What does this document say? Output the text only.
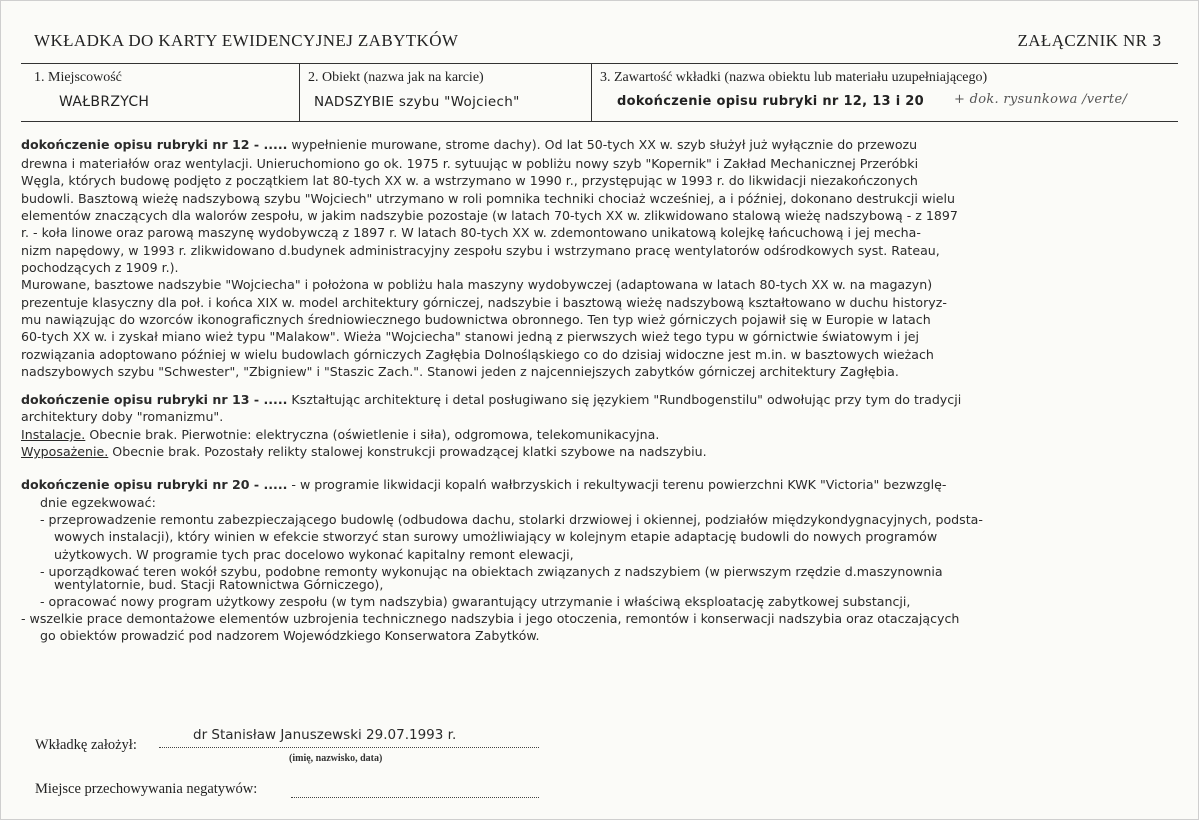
WKŁADKA DO KARTY EWIDENCYJNEJ ZABYTKÓW	ZAŁĄCZNIK NR 3
1. Miejscowość
WAŁBRZYCH
2. Obiekt (nazwa jak na karcie)
NADSZYBIE szybu "Wojciech"
3. Zawartość wkładki (nazwa obiektu lub materiału uzupełniającego)
dokończenie opisu rubryki nr 12, 13 i 20 + dok. rysunkowa /verte/
dokończenie opisu rubryki nr 12 - ..... wypełnienie murowane, strome dachy). Od lat 50-tych XX w. szyb służył już wyłącznie do przewozu
drewna i materiałów oraz wentylacji. Unieruchomiono go ok. 1975 r. sytuując w pobliżu nowy szyb "Kopernik" i Zakład Mechanicznej Przeróbki
Węgla, których budowę podjęto z początkiem lat 80-tych XX w. a wstrzymano w 1990 r., przystępując w 1993 r. do likwidacji niezakończonych
budowli. Basztową wieżę nadszybową szybu "Wojciech" utrzymano w roli pomnika techniki chociaż wcześniej, a i później, dokonano destrukcji wielu
elementów znaczących dla walorów zespołu, w jakim nadszybie pozostaje (w latach 70-tych XX w. zlikwidowano stalową wieżę nadszybową - z 1897
r. - koła linowe oraz parową maszynę wydobywczą z 1897 r. W latach 80-tych XX w. zdemontowano unikatową kolejkę łańcuchową i jej mecha-
nizm napędowy, w 1993 r. zlikwidowano d.budynek administracyjny zespołu szybu i wstrzymano pracę wentylatorów odśrodkowych syst. Rateau,
pochodzących z 1909 r.).
Murowane, basztowe nadszybie "Wojciecha" i położona w pobliżu hala maszyny wydobywczej (adaptowana w latach 80-tych XX w. na magazyn)
prezentuje klasyczny dla poł. i końca XIX w. model architektury górniczej, nadszybie i basztową wieżę nadszybową kształtowano w duchu historyz-
mu nawiązując do wzorców ikonograficznych średniowiecznego budownictwa obronnego. Ten typ wież górniczych pojawił się w Europie w latach
60-tych XX w. i zyskał miano wież typu "Malakow". Wieża "Wojciecha" stanowi jedną z pierwszych wież tego typu w górnictwie światowym i jej
rozwiązania adoptowano później w wielu budowlach górniczych Zagłębia Dolnośląskiego co do dzisiaj widoczne jest m.in. w basztowych wieżach
nadszybowych szybu "Schwester", "Zbigniew" i "Staszic Zach.". Stanowi jeden z najcenniejszych zabytków górniczej architektury Zagłębia.
dokończenie opisu rubryki nr 13 - ..... Kształtując architekturę i detal posługiwano się językiem "Rundbogenstilu" odwołując przy tym do tradycji
architektury doby "romanizmu".
Instalacje. Obecnie brak. Pierwotnie: elektryczna (oświetlenie i siła), odgromowa, telekomunikacyjna.
Wyposażenie. Obecnie brak. Pozostały relikty stalowej konstrukcji prowadzącej klatki szybowe na nadszybiu.
dokończenie opisu rubryki nr 20 - ..... - w programie likwidacji kopalń wałbrzyskich i rekultywacji terenu powierzchni KWK "Victoria" bezwzglę-
dnie egzekwować:
- przeprowadzenie remontu zabezpieczającego budowlę (odbudowa dachu, stolarki drzwiowej i okiennej, podziałów międzykondygnacyjnych, podsta-
wowych instalacji), który winien w efekcie stworzyć stan surowy umożliwiający w kolejnym etapie adaptację budowli do nowych programów
użytkowych. W programie tych prac docelowo wykonać kapitalny remont elewacji,
- uporządkować teren wokół szybu, podobne remonty wykonując na obiektach związanych z nadszybiem (w pierwszym rzędzie d.maszynownia
wentylatornie, bud. Stacji Ratownictwa Górniczego),
- opracować nowy program użytkowy zespołu (w tym nadszybia) gwarantujący utrzymanie i właściwą eksploatację zabytkowej substancji,
- wszelkie prace demontażowe elementów uzbrojenia technicznego nadszybia i jego otoczenia, remontów i konserwacji nadszybia oraz otaczających
go obiektów prowadzić pod nadzorem Wojewódzkiego Konserwatora Zabytków.
Wkładkę założył:
dr Stanisław Januszewski 29.07.1993 r.
(imię, nazwisko, data)
Miejsce przechowywania negatywów:
